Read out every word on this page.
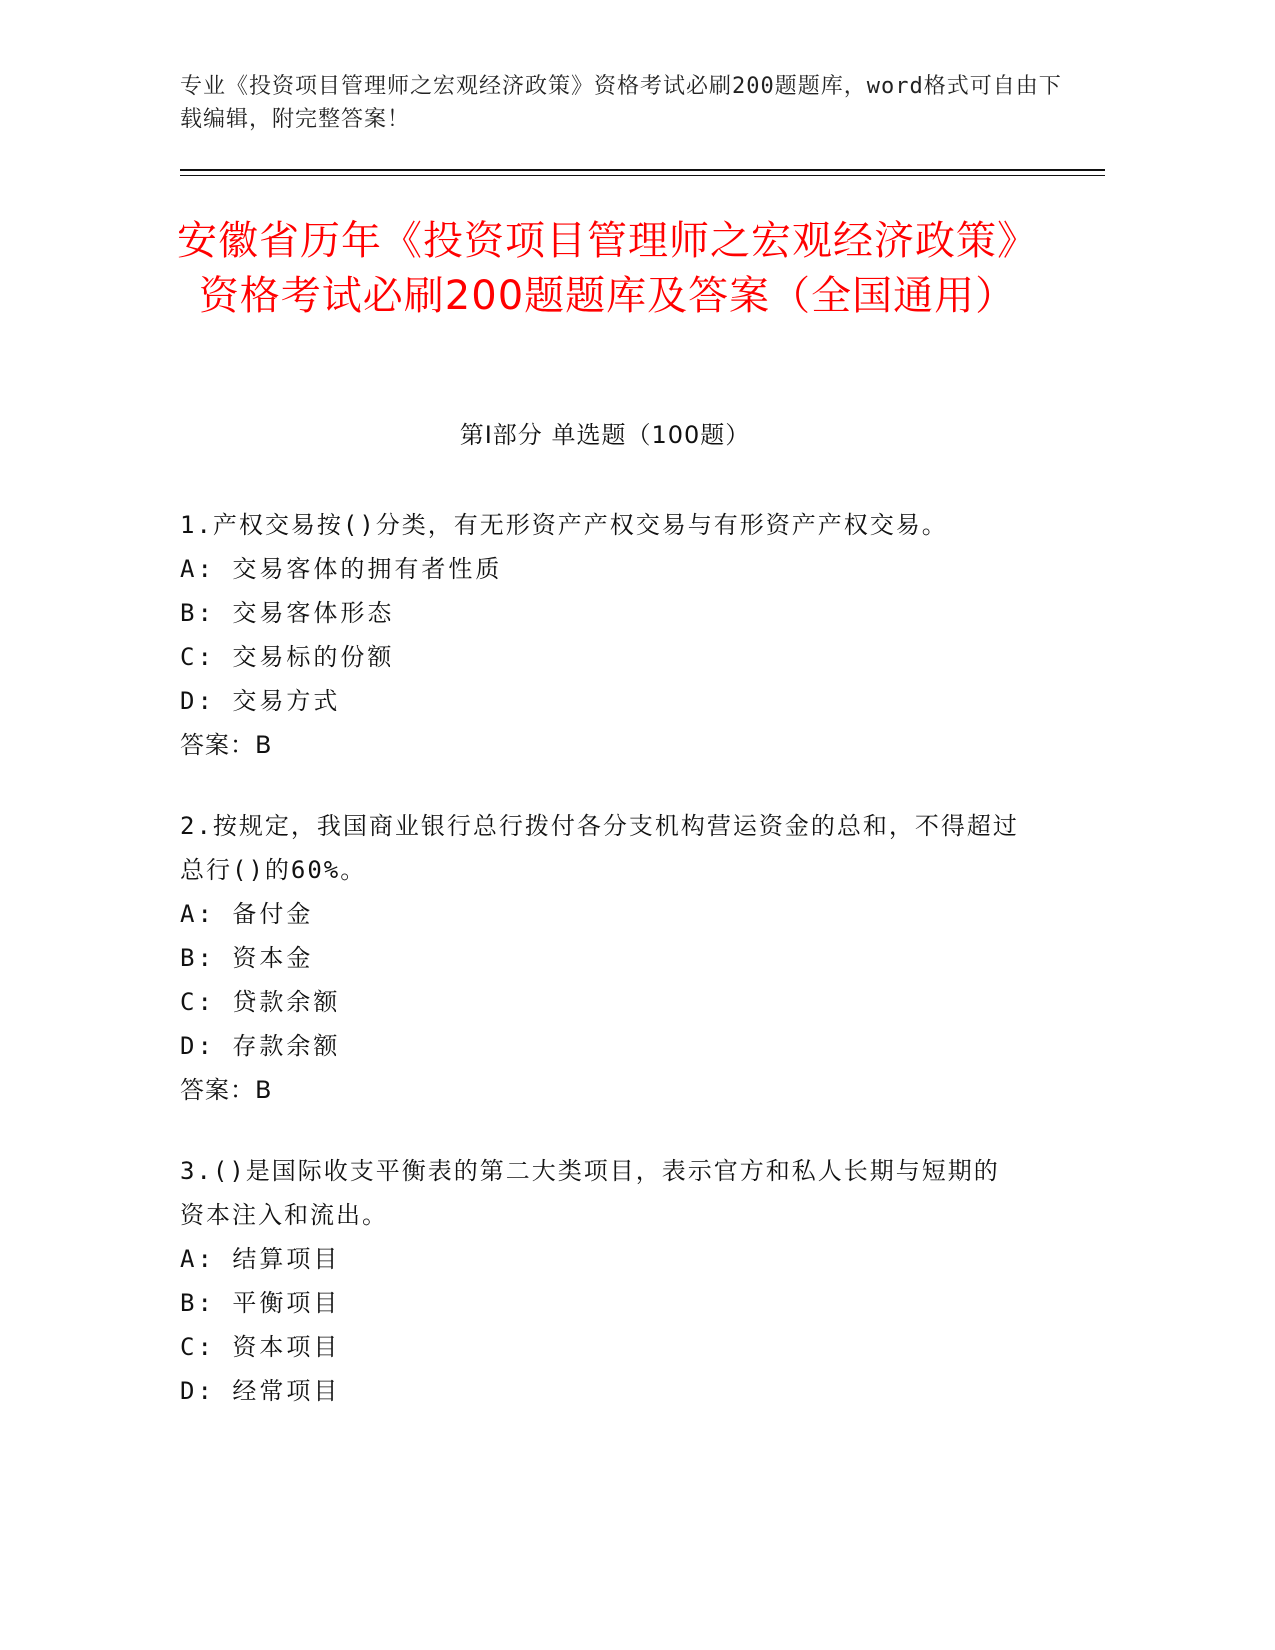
专业《投资项目管理师之宏观经济政策》资格考试必刷200题题库，word格式可自由下载编辑，附完整答案！
安徽省历年《投资项目管理师之宏观经济政策》资格考试必刷200题题库及答案（全国通用）
第I部分 单选题（100题）
1.产权交易按()分类，有无形资产产权交易与有形资产产权交易。
A: 交易客体的拥有者性质
B: 交易客体形态
C: 交易标的份额
D: 交易方式
答案：B
2.按规定，我国商业银行总行拨付各分支机构营运资金的总和，不得超过总行()的60%。
A: 备付金
B: 资本金
C: 贷款余额
D: 存款余额
答案：B
3.()是国际收支平衡表的第二大类项目，表示官方和私人长期与短期的资本注入和流出。
A: 结算项目
B: 平衡项目
C: 资本项目
D: 经常项目
